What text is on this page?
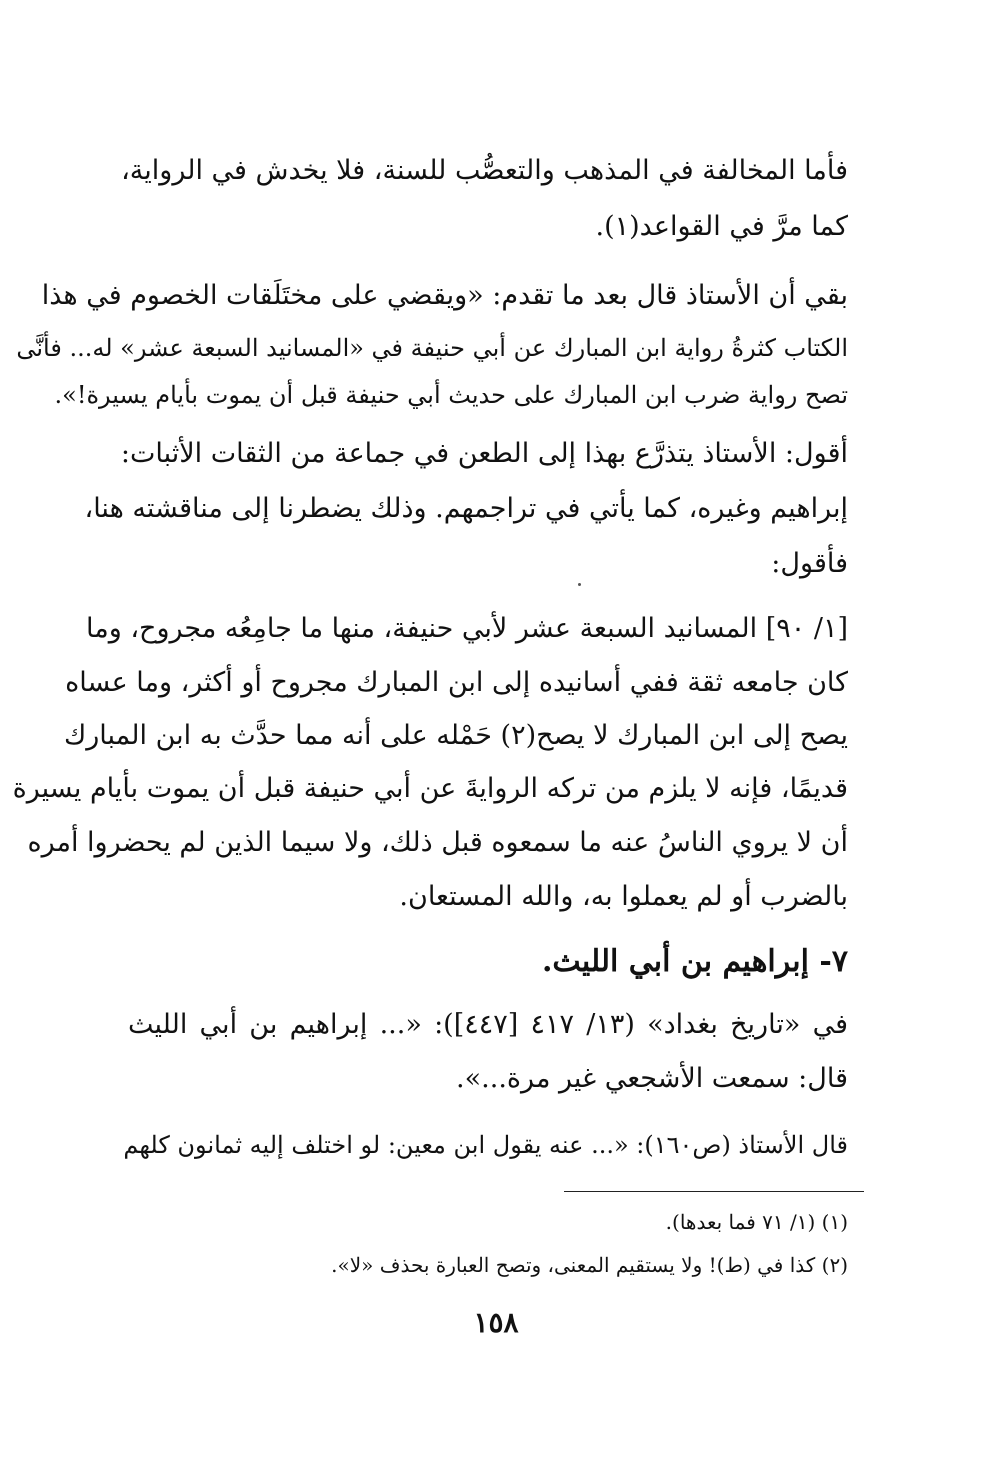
فأما المخالفة في المذهب والتعصُّب للسنة، فلا يخدش في الرواية،
كما مرَّ في القواعد(١).
بقي أن الأستاذ قال بعد ما تقدم: «ويقضي على مختَلَقات الخصوم في هذا
الكتاب كثرةُ رواية ابن المبارك عن أبي حنيفة في «المسانيد السبعة عشر» له... فأنَّى
تصح رواية ضرب ابن المبارك على حديث أبي حنيفة قبل أن يموت بأيام يسيرة!».
أقول: الأستاذ يتذرَّع بهذا إلى الطعن في جماعة من الثقات الأثبات:
إبراهيم وغيره، كما يأتي في تراجمهم. وذلك يضطرنا إلى مناقشته هنا،
فأقول:
[١/ ٩٠] المسانيد السبعة عشر لأبي حنيفة، منها ما جامِعُه مجروح، وما
كان جامعه ثقة ففي أسانيده إلى ابن المبارك مجروح أو أكثر، وما عساه
يصح إلى ابن المبارك لا يصح(٢) حَمْله على أنه مما حدَّث به ابن المبارك
قديمًا، فإنه لا يلزم من تركه الروايةَ عن أبي حنيفة قبل أن يموت بأيام يسيرة
أن لا يروي الناسُ عنه ما سمعوه قبل ذلك، ولا سيما الذين لم يحضروا أمره
بالضرب أو لم يعملوا به، والله المستعان.
٧- إبراهيم بن أبي الليث.
في «تاريخ بغداد» (١٣/ ٤١٧ [٤٤٧]): «... إبراهيم بن أبي الليث
قال: سمعت الأشجعي غير مرة...».
قال الأستاذ (ص١٦٠): «... عنه يقول ابن معين: لو اختلف إليه ثمانون كلهم
(١) (١/ ٧١ فما بعدها).
(٢) كذا في (ط)! ولا يستقيم المعنى، وتصح العبارة بحذف «لا».
١٥٨
